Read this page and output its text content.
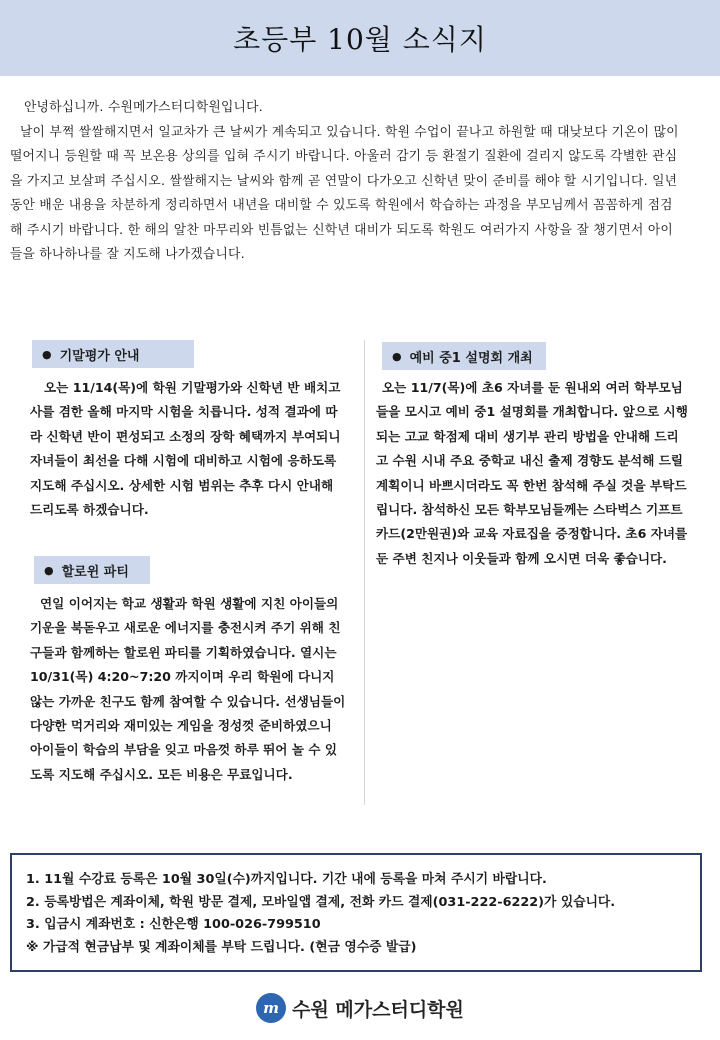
초등부 10월 소식지

안녕하십니까. 수원메가스터디학원입니다.

날이 부쩍 쌀쌀해지면서 일교차가 큰 날씨가 계속되고 있습니다. 학원 수업이 끝나고 하원할 때 대낮보다 기온이 많이 떨어지니 등원할 때 꼭 보온용 상의를 입혀 주시기 바랍니다. 아울러 감기 등 환절기 질환에 걸리지 않도록 각별한 관심을 가지고 보살펴 주십시오. 쌀쌀해지는 날씨와 함께 곧 연말이 다가오고 신학년 맞이 준비를 해야 할 시기입니다. 일년 동안 배운 내용을 차분하게 정리하면서 내년을 대비할 수 있도록 학원에서 학습하는 과정을 부모님께서 꼼꼼하게 점검해 주시기 바랍니다. 한 해의 알찬 마무리와 빈틈없는 신학년 대비가 되도록 학원도 여러가지 사항을 잘 챙기면서 아이들을 하나하나를 잘 지도해 나가겠습니다.

● 기말평가 안내

오는 11/14(목)에 학원 기말평가와 신학년 반 배치고사를 겸한 올해 마지막 시험을 치릅니다. 성적 결과에 따라 신학년 반이 편성되고 소정의 장학 혜택까지 부여되니 자녀들이 최선을 다해 시험에 대비하고 시험에 응하도록 지도해 주십시오. 상세한 시험 범위는 추후 다시 안내해 드리도록 하겠습니다.

● 할로윈 파티

연일 이어지는 학교 생활과 학원 생활에 지친 아이들의 기운을 북돋우고 새로운 에너지를 충전시켜 주기 위해 친구들과 함께하는 할로윈 파티를 기획하였습니다. 열시는 10/31(목) 4:20~7:20 까지이며 우리 학원에 다니지 않는 가까운 친구도 함께 참여할 수 있습니다. 선생님들이 다양한 먹거리와 재미있는 게임을 정성껏 준비하였으니 아이들이 학습의 부담을 잊고 마음껏 하루 뛰어 놀 수 있도록 지도해 주십시오. 모든 비용은 무료입니다.

● 예비 중1 설명회 개최

오는 11/7(목)에 초6 자녀를 둔 원내외 여러 학부모님들을 모시고 예비 중1 설명회를 개최합니다. 앞으로 시행되는 고교 학점제 대비 생기부 관리 방법을 안내해 드리고 수원 시내 주요 중학교 내신 출제 경향도 분석해 드릴 계획이니 바쁘시더라도 꼭 한번 참석해 주실 것을 부탁드립니다. 참석하신 모든 학부모님들께는 스타벅스 기프트카드(2만원권)와 교육 자료집을 증정합니다. 초6 자녀를 둔 주변 친지나 이웃들과 함께 오시면 더욱 좋습니다.

1. 11월 수강료 등록은 10월 30일(수)까지입니다. 기간 내에 등록을 마쳐 주시기 바랍니다.

2. 등록방법은 계좌이체, 학원 방문 결제, 모바일앱 결제, 전화 카드 결제(031-222-6222)가 있습니다.

3. 입금시 계좌번호 : 신한은행 100-026-799510

※ 가급적 현금납부 및 계좌이체를 부탁 드립니다. (현금 영수증 발급)

m 수원 메가스터디학원
